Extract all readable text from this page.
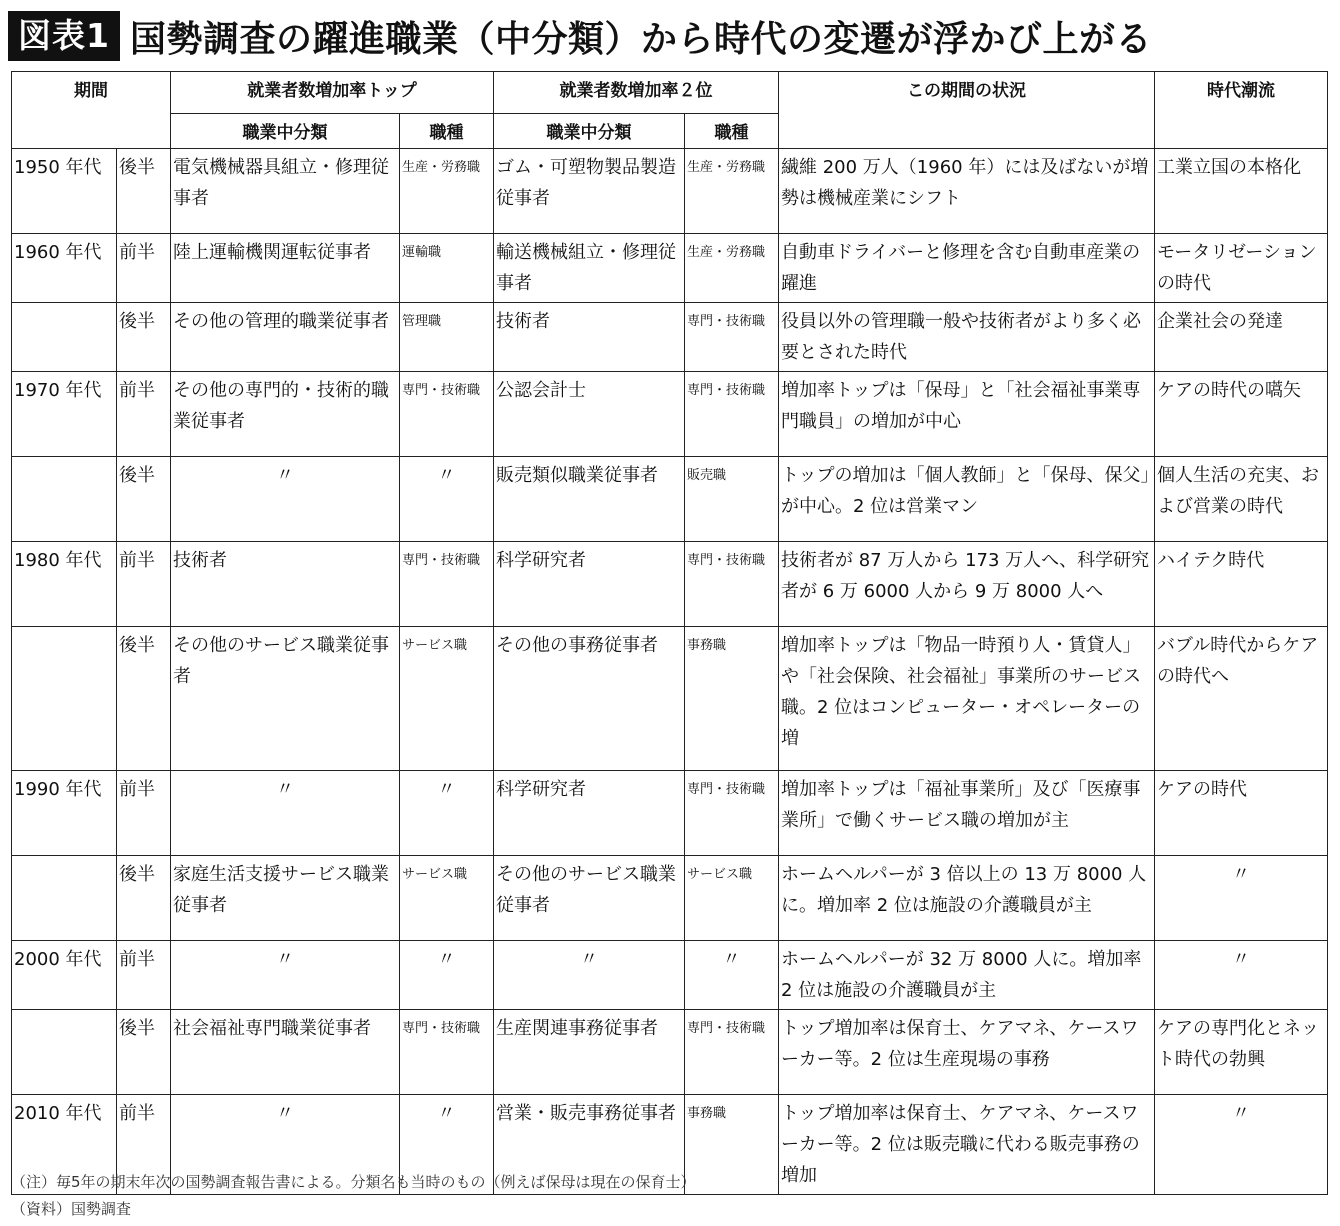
図表1 国勢調査の躍進職業（中分類）から時代の変遷が浮かび上がる
期間		就業者数増加率トップ		就業者数増加率２位		この期間の状況	時代潮流
		職業中分類	職種	職業中分類	職種		
1950 年代	後半	電気機械器具組立・修理従事者	生産・労務職	ゴム・可塑物製品製造従事者	生産・労務職	繊維 200 万人（1960 年）には及ばないが増勢は機械産業にシフト	工業立国の本格化
1960 年代	前半	陸上運輸機関運転従事者	運輸職	輸送機械組立・修理従事者	生産・労務職	自動車ドライバーと修理を含む自動車産業の躍進	モータリゼーションの時代
	後半	その他の管理的職業従事者	管理職	技術者	専門・技術職	役員以外の管理職一般や技術者がより多く必要とされた時代	企業社会の発達
1970 年代	前半	その他の専門的・技術的職業従事者	専門・技術職	公認会計士	専門・技術職	増加率トップは「保母」と「社会福祉事業専門職員」の増加が中心	ケアの時代の嚆矢
	後半	〃	〃	販売類似職業従事者	販売職	トップの増加は「個人教師」と「保母、保父」が中心。2 位は営業マン	個人生活の充実、および営業の時代
1980 年代	前半	技術者	専門・技術職	科学研究者	専門・技術職	技術者が 87 万人から 173 万人へ、科学研究者が 6 万 6000 人から 9 万 8000 人へ	ハイテク時代
	後半	その他のサービス職業従事者	サービス職	その他の事務従事者	事務職	増加率トップは「物品一時預り人・賃貸人」や「社会保険、社会福祉」事業所のサービス職。2 位はコンピューター・オペレーターの増	バブル時代からケアの時代へ
1990 年代	前半	〃	〃	科学研究者	専門・技術職	増加率トップは「福祉事業所」及び「医療事業所」で働くサービス職の増加が主	ケアの時代
	後半	家庭生活支援サービス職業従事者	サービス職	その他のサービス職業従事者	サービス職	ホームヘルパーが 3 倍以上の 13 万 8000 人に。増加率 2 位は施設の介護職員が主	〃
2000 年代	前半	〃	〃	〃	〃	ホームヘルパーが 32 万 8000 人に。増加率 2 位は施設の介護職員が主	〃
	後半	社会福祉専門職業従事者	専門・技術職	生産関連事務従事者	専門・技術職	トップ増加率は保育士、ケアマネ、ケースワーカー等。2 位は生産現場の事務	ケアの専門化とネット時代の勃興
2010 年代	前半	〃	〃	営業・販売事務従事者	事務職	トップ増加率は保育士、ケアマネ、ケースワーカー等。2 位は販売職に代わる販売事務の増加	〃
（注）毎5年の期末年次の国勢調査報告書による。分類名も当時のもの（例えば保母は現在の保育士）
（資料）国勢調査
